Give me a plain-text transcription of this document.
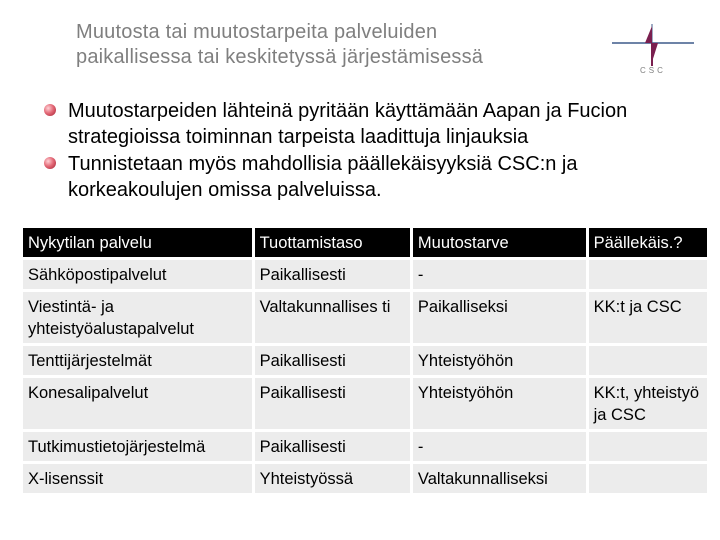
Muutosta tai muutostarpeita palveluiden
paikallisessa tai keskitetyssä järjestämisessä
CSC
Muutostarpeiden lähteinä pyritään käyttämään Aapan ja Fucion strategioissa toiminnan tarpeista laadittuja linjauksia
Tunnistetaan myös mahdollisia päällekäisyyksiä CSC:n ja korkeakoulujen omissa palveluissa.
Nykytilan palvelu	Tuottamistaso	Muutostarve	Päällekäis.?
Sähköpostipalvelut	Paikallisesti	-	
Viestintä- ja yhteistyöalustapalvelut	Valtakunnallises ti	Paikalliseksi	KK:t ja CSC
Tenttijärjestelmät	Paikallisesti	Yhteistyöhön	
Konesalipalvelut	Paikallisesti	Yhteistyöhön	KK:t, yhteistyö ja CSC
Tutkimustietojärjestelmä	Paikallisesti	-	
X-lisenssit	Yhteistyössä	Valtakunnalliseksi	
